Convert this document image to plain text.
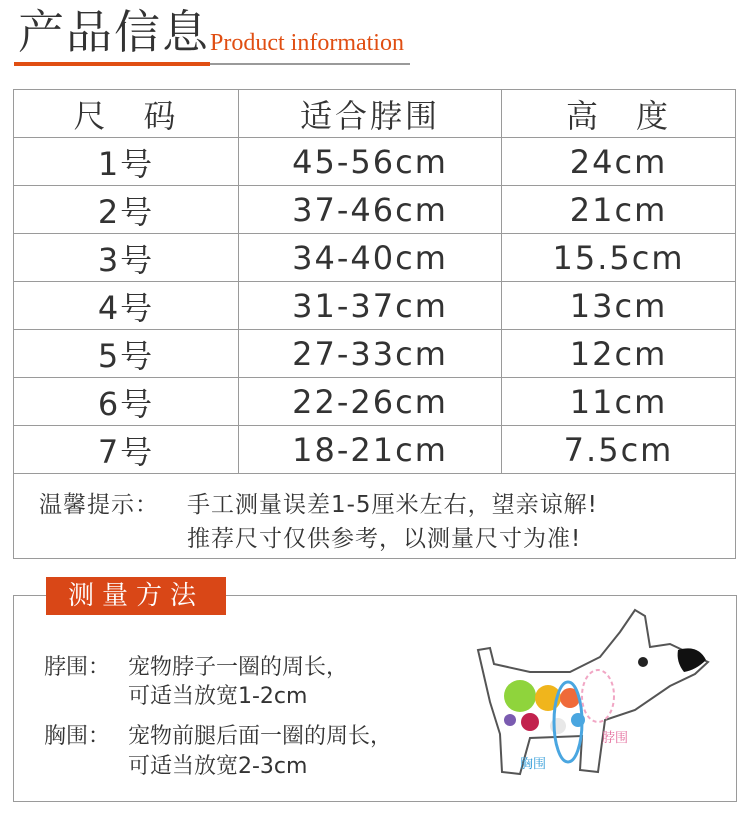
产品信息 Product information
尺　码	适合脖围	高　度
1号	45-56cm	24cm
2号	37-46cm	21cm
3号	34-40cm	15.5cm
4号	31-37cm	13cm
5号	27-33cm	12cm
6号	22-26cm	11cm
7号	18-21cm	7.5cm

温馨提示： 手工测量误差1-5厘米左右，望亲谅解!
推荐尺寸仅供参考，以测量尺寸为准!		
测量方法
脖围： 宠物脖子一圈的周长，
可适当放宽1-2cm
胸围： 宠物前腿后面一圈的周长，
可适当放宽2-3cm
脖围
胸围
